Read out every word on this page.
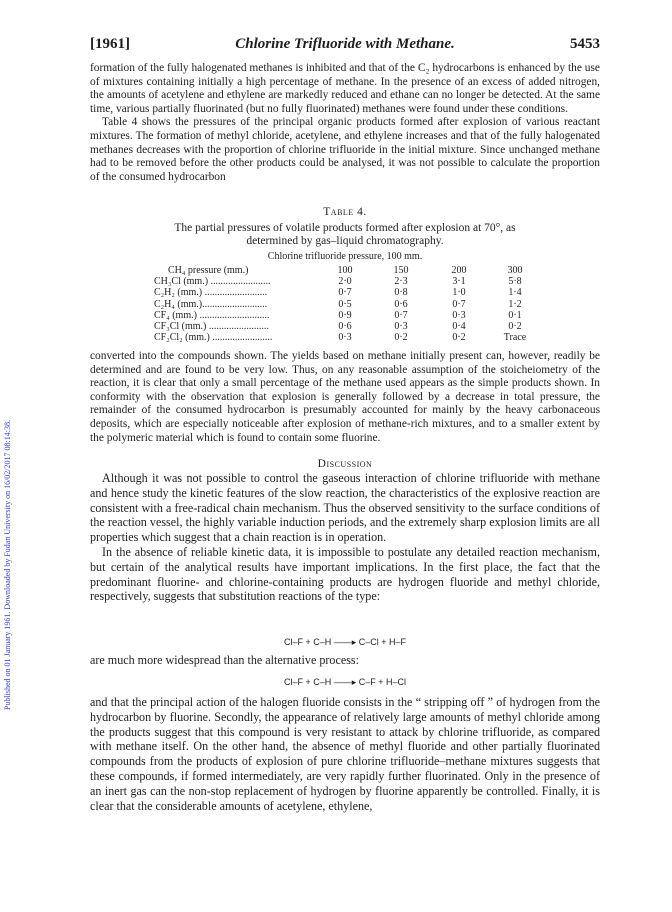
Published on 01 January 1961. Downloaded by Fudan University on 16/02/2017 08:14:38.
[1961]	Chlorine Trifluoride with Methane.	5453

formation of the fully halogenated methanes is inhibited and that of the C₂ hydrocarbons is enhanced by the use of mixtures containing initially a high percentage of methane. In the presence of an excess of added nitrogen, the amounts of acetylene and ethylene are markedly reduced and ethane can no longer be detected. At the same time, various partially fluorinated (but no fully fluorinated) methanes were found under these conditions.

Table 4 shows the pressures of the principal organic products formed after explosion of various reactant mixtures. The formation of methyl chloride, acetylene, and ethylene increases and that of the fully halogenated methanes decreases with the proportion of chlorine trifluoride in the initial mixture. Since unchanged methane had to be removed before the other products could be analysed, it was not possible to calculate the proportion of the consumed hydrocarbon

Table 4.
The partial pressures of volatile products formed after explosion at 70°, as
determined by gas–liquid chromatography.
Chlorine trifluoride pressure, 100 mm.
CH₄ pressure (mm.)	100	150	200	300
CH₃Cl (mm.) ........................	2·0	2·3	3·1	5·8
C₂H₂ (mm.) .........................	0·7	0·8	1·0	1·4
C₂H₄ (mm.)..........................	0·5	0·6	0·7	1·2
CF₄ (mm.) ............................	0·9	0·7	0·3	0·1
CF₃Cl (mm.) ........................	0·6	0·3	0·4	0·2
CF₂Cl₂ (mm.) ........................	0·3	0·2	0·2	Trace

converted into the compounds shown. The yields based on methane initially present can, however, readily be determined and are found to be very low. Thus, on any reasonable assumption of the stoicheiometry of the reaction, it is clear that only a small percentage of the methane used appears as the simple products shown. In conformity with the observation that explosion is generally followed by a decrease in total pressure, the remainder of the consumed hydrocarbon is presumably accounted for mainly by the heavy carbonaceous deposits, which are especially noticeable after explosion of methane-rich mixtures, and to a smaller extent by the polymeric material which is found to contain some fluorine.

Discussion

Although it was not possible to control the gaseous interaction of chlorine trifluoride with methane and hence study the kinetic features of the slow reaction, the characteristics of the explosive reaction are consistent with a free-radical chain mechanism. Thus the observed sensitivity to the surface conditions of the reaction vessel, the highly variable induction periods, and the extremely sharp explosion limits are all properties which suggest that a chain reaction is in operation.

In the absence of reliable kinetic data, it is impossible to postulate any detailed reaction mechanism, but certain of the analytical results have important implications. In the first place, the fact that the predominant fluorine- and chlorine-containing products are hydrogen fluoride and methyl chloride, respectively, suggests that substitution reactions of the type:

Cl–F + C–H ——▸ C–Cl + H–F

are much more widespread than the alternative process:

Cl–F + C–H ——▸ C–F + H–Cl

and that the principal action of the halogen fluoride consists in the “ stripping off ” of hydrogen from the hydrocarbon by fluorine. Secondly, the appearance of relatively large amounts of methyl chloride among the products suggest that this compound is very resistant to attack by chlorine trifluoride, as compared with methane itself. On the other hand, the absence of methyl fluoride and other partially fluorinated compounds from the products of explosion of pure chlorine trifluoride–methane mixtures suggests that these compounds, if formed intermediately, are very rapidly further fluorinated. Only in the presence of an inert gas can the non-stop replacement of hydrogen by fluorine apparently be controlled. Finally, it is clear that the considerable amounts of acetylene, ethylene,
